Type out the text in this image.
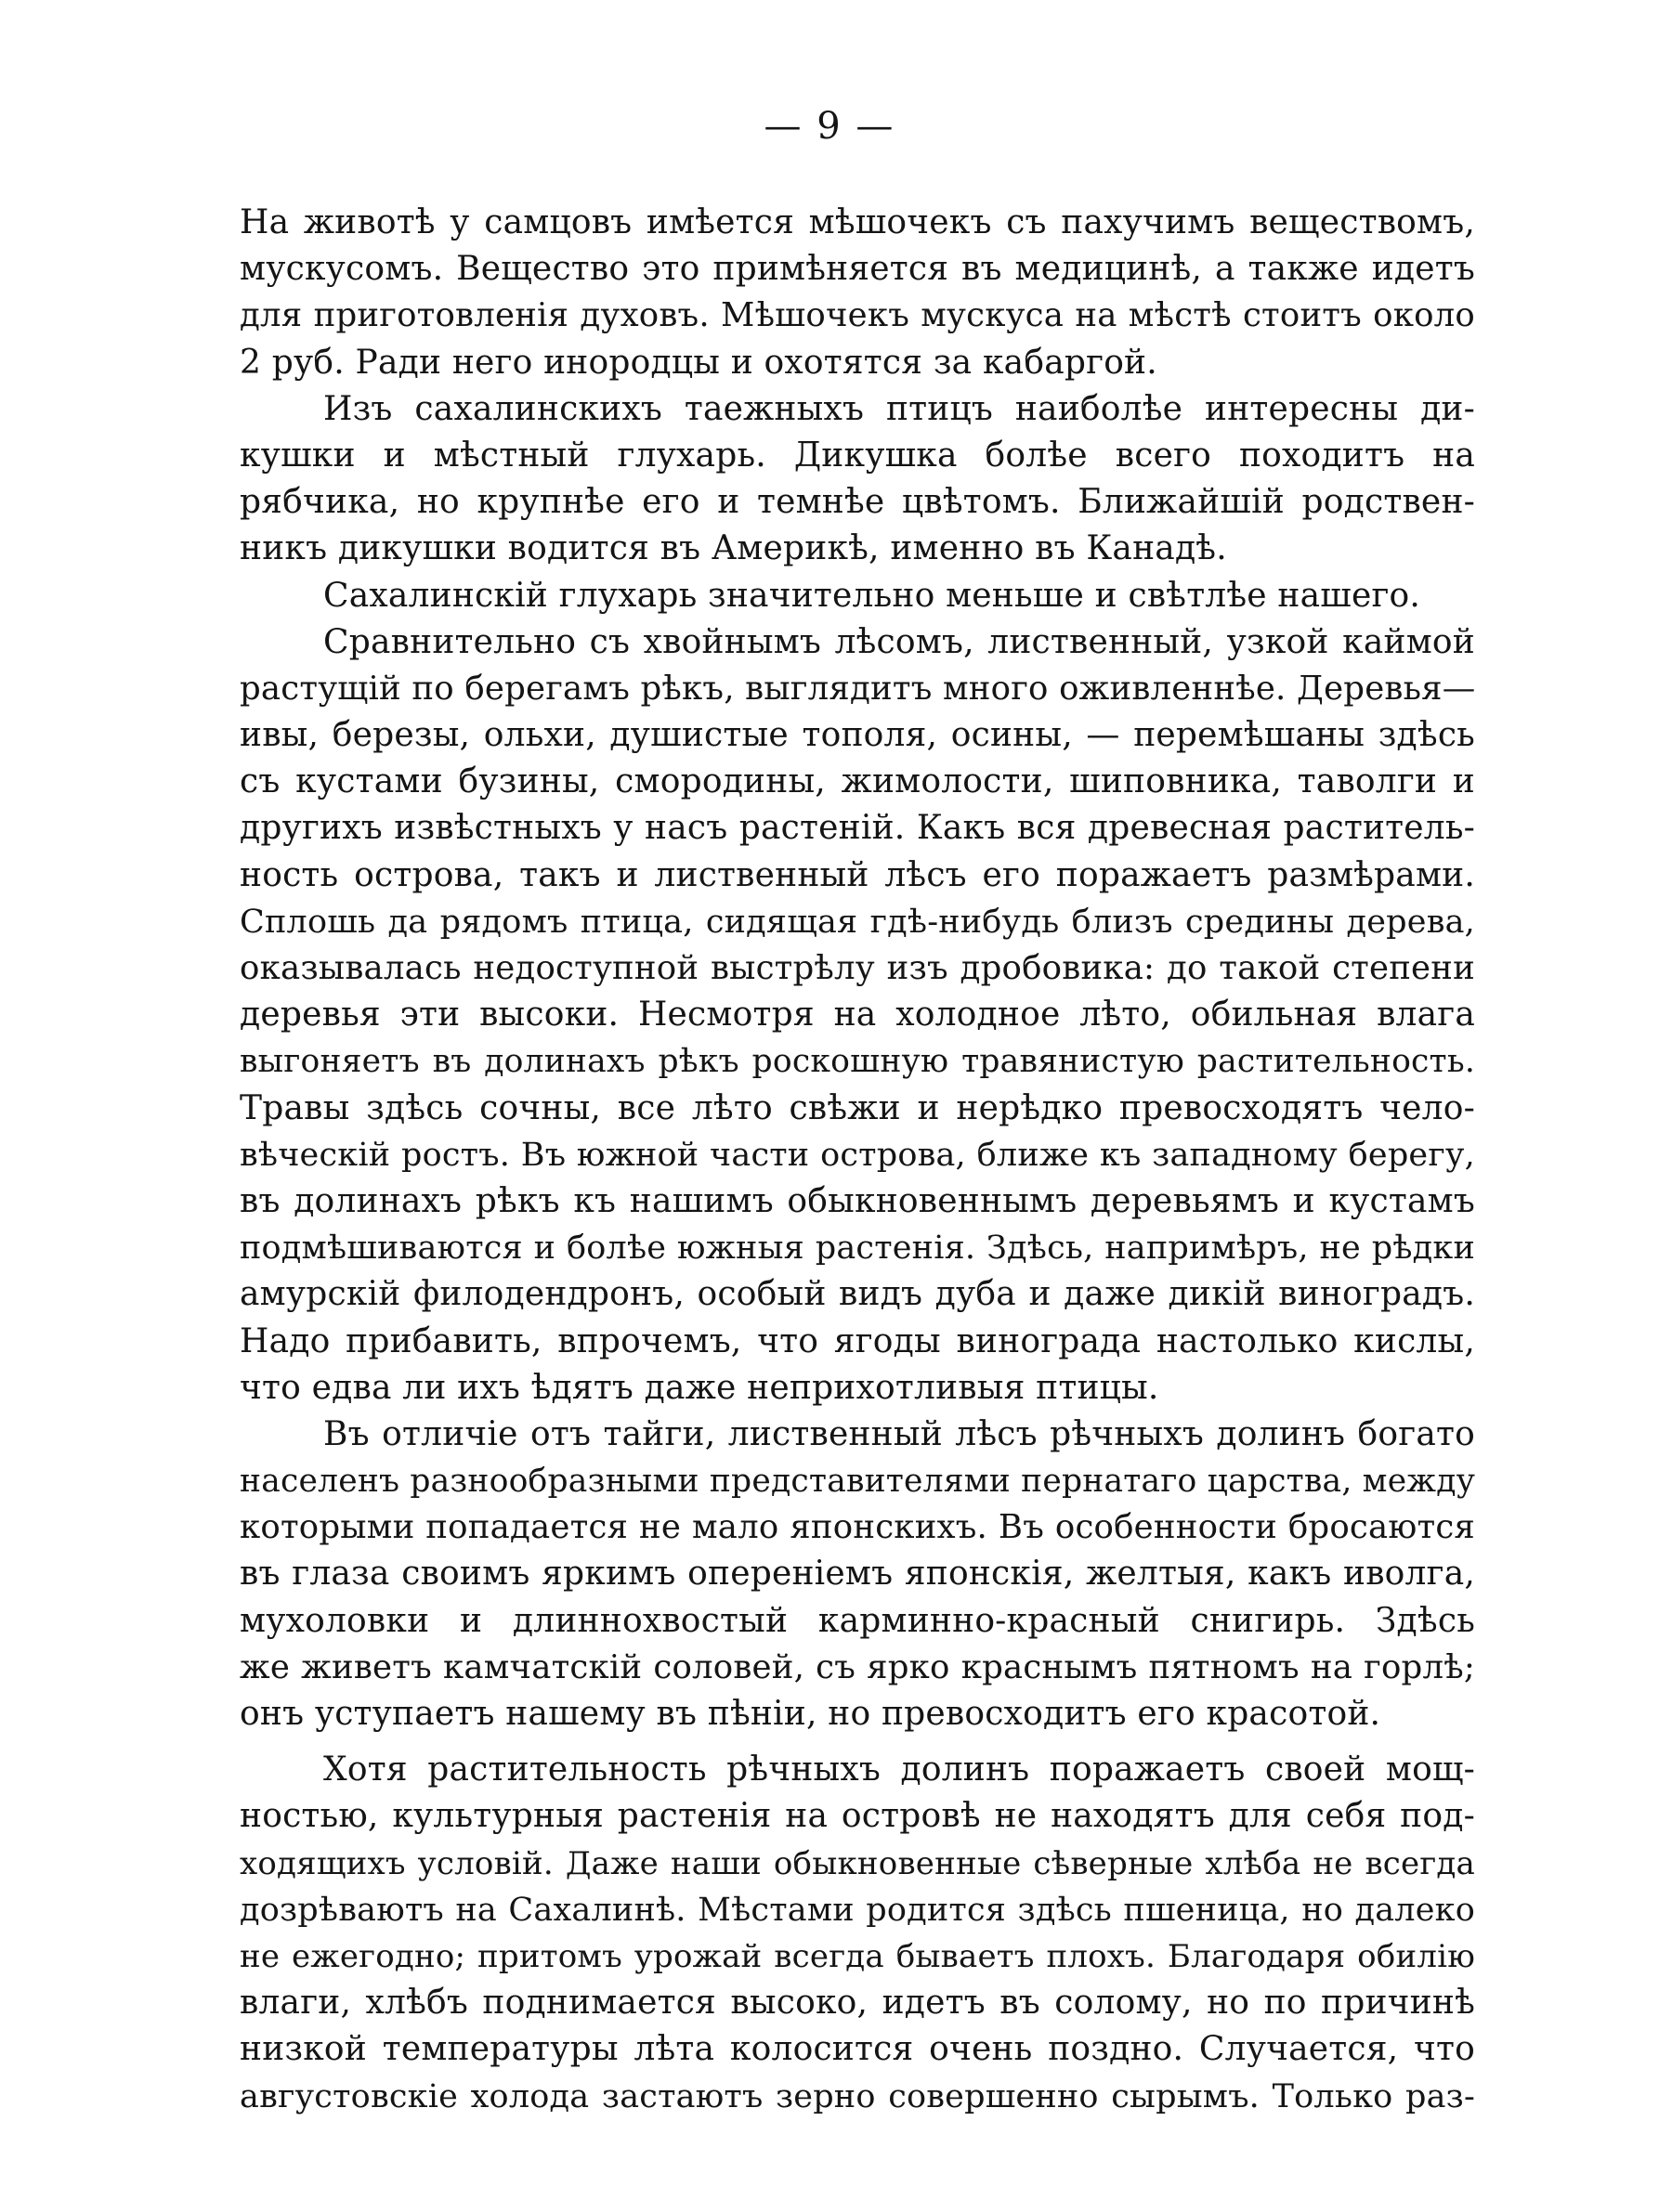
— 9 —
На животѣ у самцовъ имѣется мѣшочекъ съ пахучимъ веществомъ,
мускусомъ. Вещество это примѣняется въ медицинѣ, а также идетъ
для приготовленія духовъ. Мѣшочекъ мускуса на мѣстѣ стоитъ около
2 руб. Ради него инородцы и охотятся за кабаргой.
Изъ сахалинскихъ таежныхъ птицъ наиболѣе интересны ди-
кушки и мѣстный глухарь. Дикушка болѣе всего походитъ на
рябчика, но крупнѣе его и темнѣе цвѣтомъ. Ближайшій родствен-
никъ дикушки водится въ Америкѣ, именно въ Канадѣ.
Сахалинскій глухарь значительно меньше и свѣтлѣе нашего.
Сравнительно съ хвойнымъ лѣсомъ, лиственный, узкой каймой
растущій по берегамъ рѣкъ, выглядитъ много оживленнѣе. Деревья—
ивы, березы, ольхи, душистые тополя, осины, — перемѣшаны здѣсь
съ кустами бузины, смородины, жимолости, шиповника, таволги и
другихъ извѣстныхъ у насъ растеній. Какъ вся древесная раститель-
ность острова, такъ и лиственный лѣсъ его поражаетъ размѣрами.
Сплошь да рядомъ птица, сидящая гдѣ-нибудь близъ средины дерева,
оказывалась недоступной выстрѣлу изъ дробовика: до такой степени
деревья эти высоки. Несмотря на холодное лѣто, обильная влага
выгоняетъ въ долинахъ рѣкъ роскошную травянистую растительность.
Травы здѣсь сочны, все лѣто свѣжи и нерѣдко превосходятъ чело-
вѣческій ростъ. Въ южной части острова, ближе къ западному берегу,
въ долинахъ рѣкъ къ нашимъ обыкновеннымъ деревьямъ и кустамъ
подмѣшиваются и болѣе южныя растенія. Здѣсь, напримѣръ, не рѣдки
амурскій филодендронъ, особый видъ дуба и даже дикій виноградъ.
Надо прибавить, впрочемъ, что ягоды винограда настолько кислы,
что едва ли ихъ ѣдятъ даже неприхотливыя птицы.
Въ отличіе отъ тайги, лиственный лѣсъ рѣчныхъ долинъ богато
населенъ разнообразными представителями пернатаго царства, между
которыми попадается не мало японскихъ. Въ особенности бросаются
въ глаза своимъ яркимъ опереніемъ японскія, желтыя, какъ иволга,
мухоловки и длиннохвостый карминно-красный снигирь. Здѣсь
же живетъ камчатскій соловей, съ ярко краснымъ пятномъ на горлѣ;
онъ уступаетъ нашему въ пѣніи, но превосходитъ его красотой.
Хотя растительность рѣчныхъ долинъ поражаетъ своей мощ-
ностью, культурныя растенія на островѣ не находятъ для себя под-
ходящихъ условій. Даже наши обыкновенные сѣверные хлѣба не всегда
дозрѣваютъ на Сахалинѣ. Мѣстами родится здѣсь пшеница, но далеко
не ежегодно; притомъ урожай всегда бываетъ плохъ. Благодаря обилію
влаги, хлѣбъ поднимается высоко, идетъ въ солому, но по причинѣ
низкой температуры лѣта колосится очень поздно. Случается, что
августовскіе холода застаютъ зерно совершенно сырымъ. Только раз-
